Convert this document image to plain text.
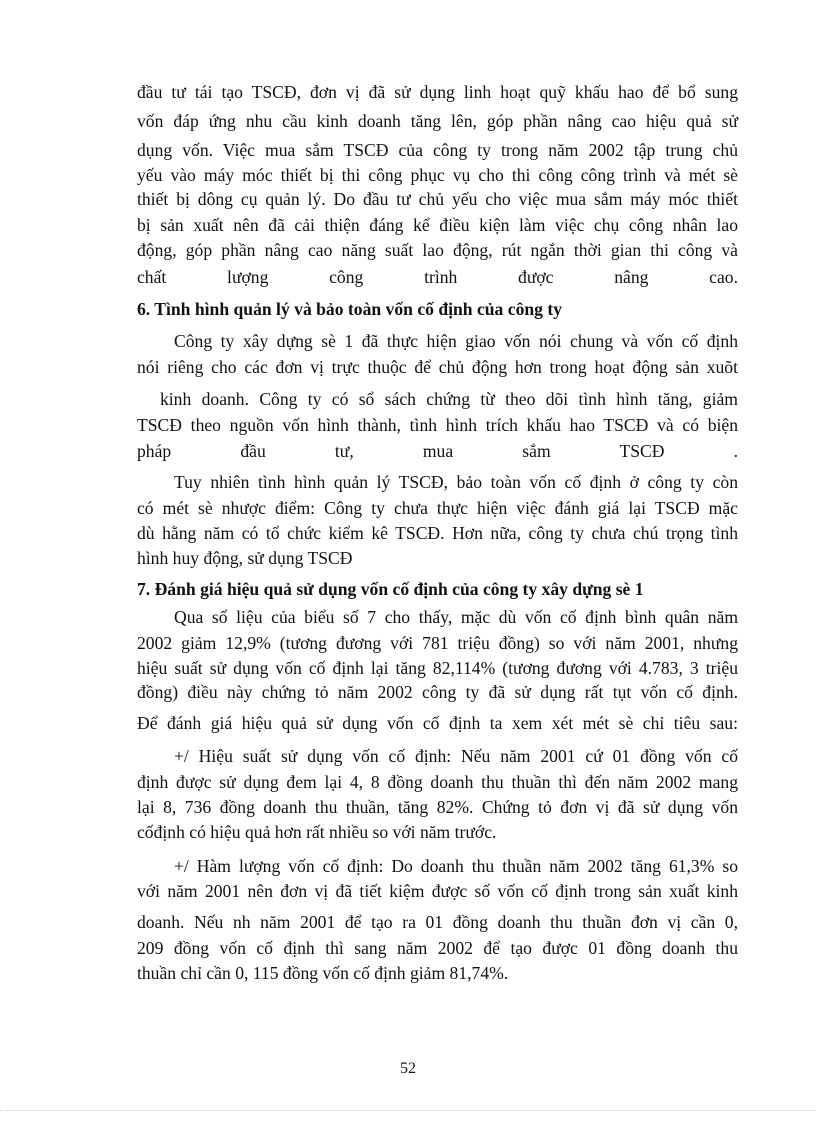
đầu tư tái tạo TSCĐ, đơn vị đã sử dụng linh hoạt quỹ khấu hao để bổ sung
vốn đáp ứng nhu cầu kinh doanh tăng lên, góp phần nâng cao hiệu quả sử
dụng vốn. Việc mua sắm TSCĐ của công ty trong năm 2002 tập trung chủ
yếu vào máy móc thiết bị thi công phục vụ cho thi công công trình và mét sè
thiết bị dông cụ quản lý. Do đầu tư chủ yếu cho việc mua sắm máy móc thiết
bị sản xuất nên đã cải thiện đáng kể điều kiện làm việc chụ công nhân lao
động, góp phần nâng cao năng suất lao động, rút ngắn thời gian thi công và
chất lượng công trình được nâng cao.
6. Tình hình quản lý và bảo toàn vốn cố định của công ty
Công ty xây dựng sè 1 đã thực hiện giao vốn nói chung và vốn cố định
nói riêng cho các đơn vị trực thuộc để chủ động hơn trong hoạt động sản xuõt
kinh doanh. Công ty có sổ sách chứng từ theo dõi tình hình tăng, giảm
TSCĐ theo nguồn vốn hình thành, tình hình trích khấu hao TSCĐ và có biện
pháp đầu tư, mua sắm TSCĐ .
Tuy nhiên tình hình quản lý TSCĐ, bảo toàn vốn cố định ở công ty còn
có mét sè nhược điểm: Công ty chưa thực hiện việc đánh giá lại TSCĐ mặc
dù hằng năm có tổ chức kiểm kê TSCĐ. Hơn nữa, công ty chưa chú trọng tình
hình huy động, sử dụng TSCĐ
7. Đánh giá hiệu quả sử dụng vốn cố định của công ty xây dựng sè 1
Qua số liệu của biểu số 7 cho thấy, mặc dù vốn cố định bình quân năm
2002 giảm 12,9% (tương đương với 781 triệu đồng) so với năm 2001, nhưng
hiệu suất sử dụng vốn cố định lại tăng 82,114% (tương đương với 4.783, 3 triệu
đồng) điều này chứng tỏ năm 2002 công ty đã sử dụng rất tụt vốn cố định.
Để đánh giá hiệu quả sử dụng vốn cố định ta xem xét mét sè chỉ tiêu sau:
+/ Hiệu suất sử dụng vốn cố định: Nếu năm 2001 cứ 01 đồng vốn cố
định được sử dụng đem lại 4, 8 đồng doanh thu thuần thì đến năm 2002 mang
lại 8, 736 đồng doanh thu thuần, tăng 82%. Chứng tỏ đơn vị đã sử dụng vốn
cốđịnh có hiệu quả hơn rất nhiều so với năm trước.
+/ Hàm lượng vốn cố định: Do doanh thu thuần năm 2002 tăng 61,3% so
với năm 2001 nên đơn vị đã tiết kiệm được số vốn cố định trong sản xuất kinh
doanh. Nếu nh năm 2001 để tạo ra 01 đồng doanh thu thuần đơn vị cần 0,
209 đồng vốn cố định thì sang năm 2002 để tạo được 01 đồng doanh thu
thuần chỉ cần 0, 115 đồng vốn cố định giảm 81,74%.
52
